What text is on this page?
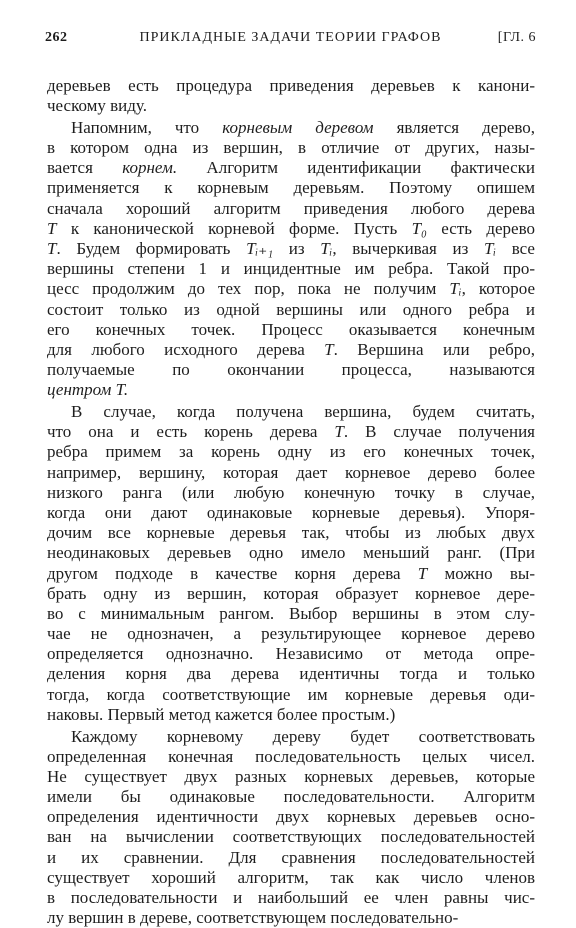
262	ПРИКЛАДНЫЕ ЗАДАЧИ ТЕОРИИ ГРАФОВ	[ГЛ. 6
деревьев есть процедура приведения деревьев к канони-
ческому виду.
Напомним, что корневым деревом является дерево,
в котором одна из вершин, в отличие от других, назы-
вается корнем. Алгоритм идентификации фактически
применяется к корневым деревьям. Поэтому опишем
сначала хороший алгоритм приведения любого дерева
T к канонической корневой форме. Пусть T₀ есть дерево
T. Будем формировать Tᵢ₊₁ из Tᵢ, вычеркивая из Tᵢ все
вершины степени 1 и инцидентные им ребра. Такой про-
цесс продолжим до тех пор, пока не получим Tᵢ, которое
состоит только из одной вершины или одного ребра и
его конечных точек. Процесс оказывается конечным
для любого исходного дерева T. Вершина или ребро,
получаемые по окончании процесса, называются
центром T.
В случае, когда получена вершина, будем считать,
что она и есть корень дерева T. В случае получения
ребра примем за корень одну из его конечных точек,
например, вершину, которая дает корневое дерево более
низкого ранга (или любую конечную точку в случае,
когда они дают одинаковые корневые деревья). Упоря-
дочим все корневые деревья так, чтобы из любых двух
неодинаковых деревьев одно имело меньший ранг. (При
другом подходе в качестве корня дерева T можно вы-
брать одну из вершин, которая образует корневое дере-
во с минимальным рангом. Выбор вершины в этом слу-
чае не однозначен, а результирующее корневое дерево
определяется однозначно. Независимо от метода опре-
деления корня два дерева идентичны тогда и только
тогда, когда соответствующие им корневые деревья оди-
наковы. Первый метод кажется более простым.)
Каждому корневому дереву будет соответствовать
определенная конечная последовательность целых чисел.
Не существует двух разных корневых деревьев, которые
имели бы одинаковые последовательности. Алгоритм
определения идентичности двух корневых деревьев осно-
ван на вычислении соответствующих последовательностей
и их сравнении. Для сравнения последовательностей
существует хороший алгоритм, так как число членов
в последовательности и наибольший ее член равны чис-
лу вершин в дереве, соответствующем последовательно-
